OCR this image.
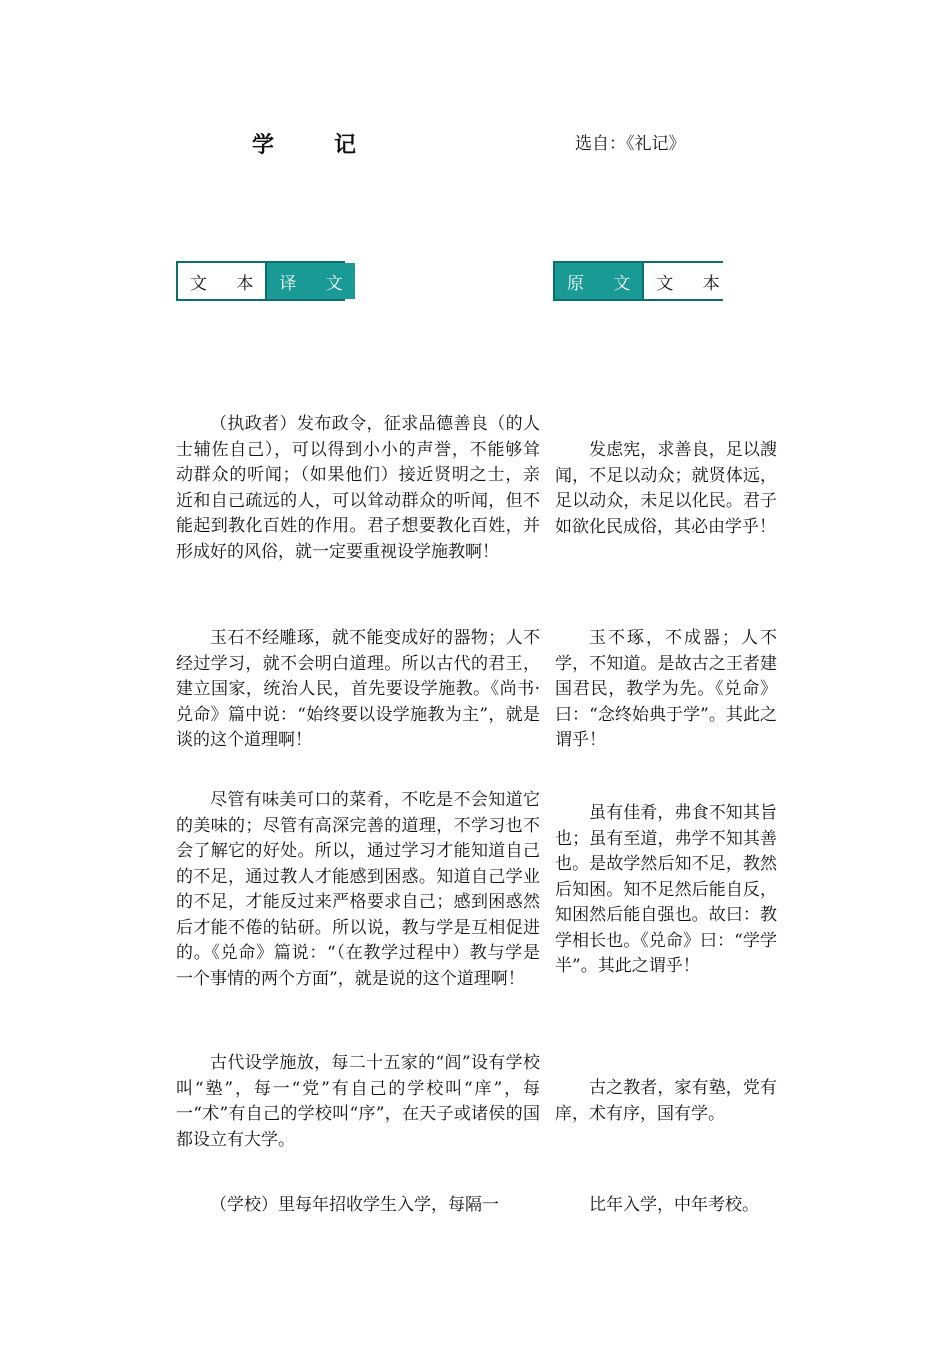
学记	选自：《礼记》
文 本 译 文	原 文 文 本

（执政者）发布政令，征求品德善良（的人士辅佐自己），可以得到小小的声誉，不能够耸动群众的听闻；（如果他们）接近贤明之士，亲近和自己疏远的人，可以耸动群众的听闻，但不能起到教化百姓的作用。君子想要教化百姓，并形成好的风俗，就一定要重视设学施教啊！

发虑宪，求善良，足以謏闻，不足以动众；就贤体远，足以动众，未足以化民。君子如欲化民成俗，其必由学乎！

玉石不经雕琢，就不能变成好的器物；人不经过学习，就不会明白道理。所以古代的君王，建立国家，统治人民，首先要设学施教。《尚书·兑命》篇中说：“始终要以设学施教为主”，就是谈的这个道理啊！

玉不琢，不成器；人不学，不知道。是故古之王者建国君民，教学为先。《兑命》曰：“念终始典于学”。其此之谓乎！

尽管有味美可口的菜肴，不吃是不会知道它的美味的；尽管有高深完善的道理，不学习也不会了解它的好处。所以，通过学习才能知道自己的不足，通过教人才能感到困惑。知道自己学业的不足，才能反过来严格要求自己；感到困惑然后才能不倦的钻研。所以说，教与学是互相促进的。《兑命》篇说：“（在教学过程中）教与学是一个事情的两个方面”，就是说的这个道理啊！

虽有佳肴，弗食不知其旨也；虽有至道，弗学不知其善也。是故学然后知不足，教然后知困。知不足然后能自反，知困然后能自强也。故曰：教学相长也。《兑命》曰：“学学半”。其此之谓乎！

古代设学施放，每二十五家的“闾”设有学校叫“塾”，每一“党”有自己的学校叫“庠”，每一“术”有自己的学校叫“序”，在天子或诸侯的国都设立有大学。

古之教者，家有塾，党有庠，术有序，国有学。

（学校）里每年招收学生入学，每隔一	比年入学，中年考校。
